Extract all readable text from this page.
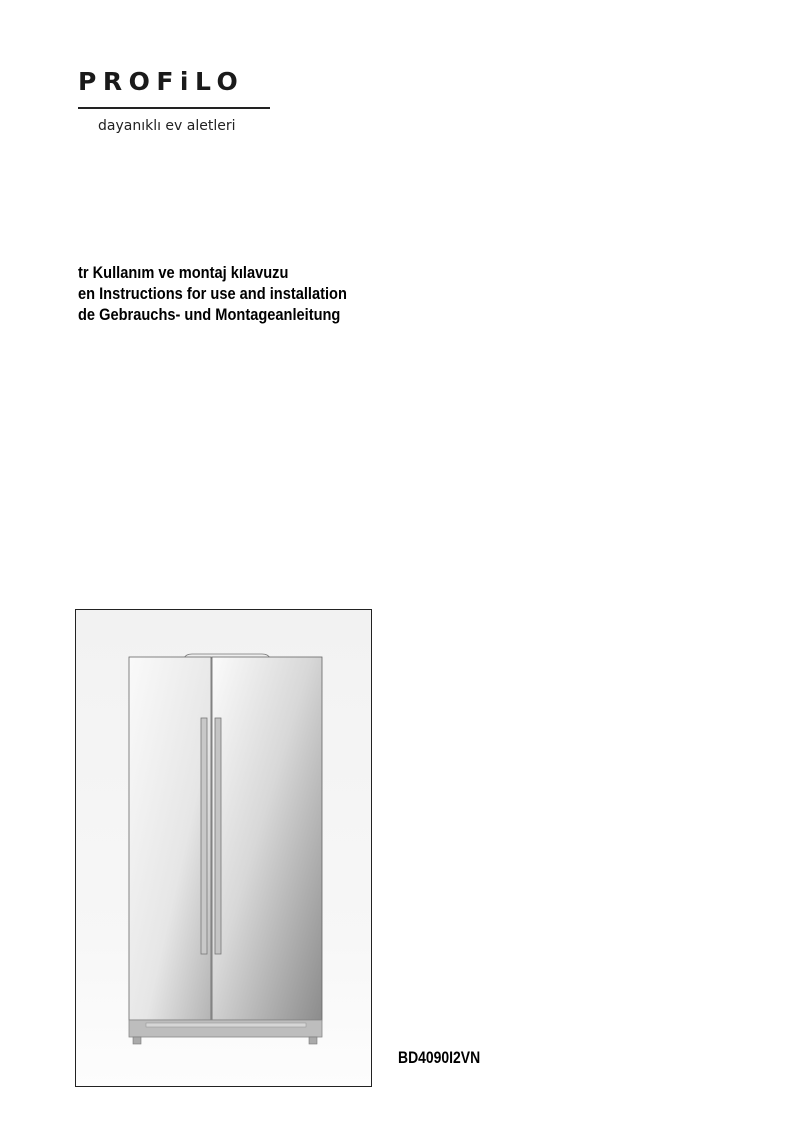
PROFiLO
dayanıklı ev aletleri
tr Kullanım ve montaj kılavuzu
en Instructions for use and installation
de Gebrauchs- und Montageanleitung
BD4090I2VN
